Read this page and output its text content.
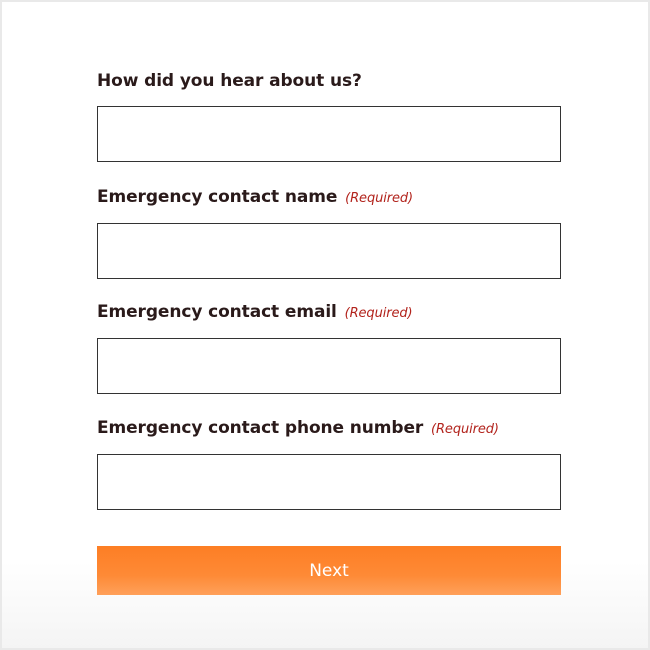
How did you hear about us?
Emergency contact name (Required)
Emergency contact email (Required)
Emergency contact phone number (Required)
Next
